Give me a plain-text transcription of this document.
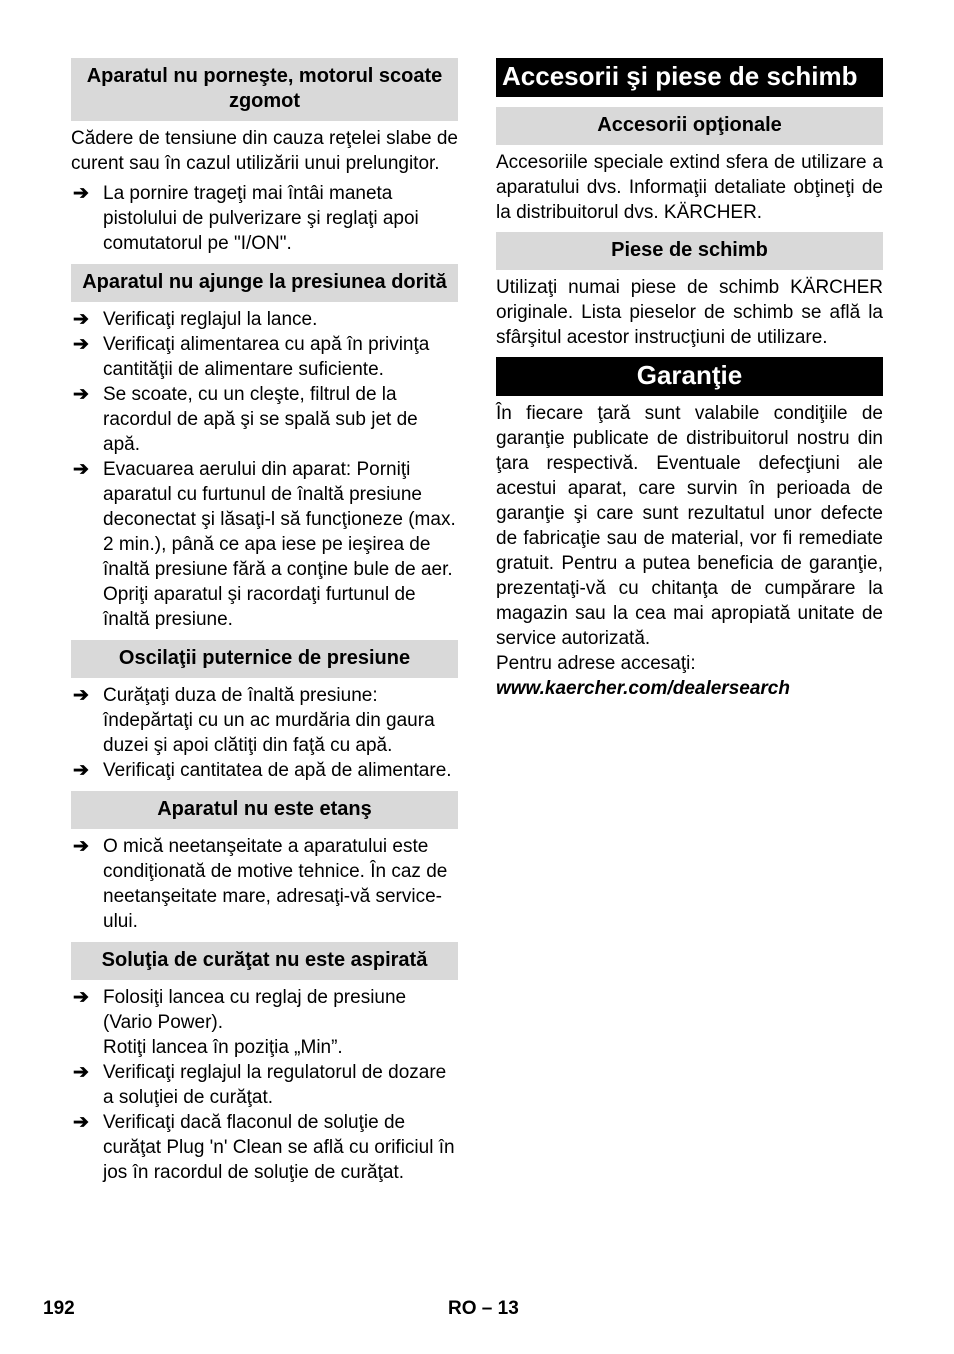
Aparatul nu porneşte, motorul scoate zgomot

Cădere de tensiune din cauza reţelei slabe de curent sau în cazul utilizării unui prelungitor.

➔ La pornire trageţi mai întâi maneta pistolului de pulverizare şi reglaţi apoi comutatorul pe "I/ON".
Aparatul nu ajunge la presiunea dorită
➔ Verificaţi reglajul la lance.
➔ Verificaţi alimentarea cu apă în privinţa cantităţii de alimentare suficiente.
➔ Se scoate, cu un cleşte, filtrul de la racordul de apă şi se spală sub jet de apă.
➔ Evacuarea aerului din aparat: Porniţi aparatul cu furtunul de înaltă presiune deconectat şi lăsaţi-l să funcţioneze (max. 2 min.), până ce apa iese pe ieşirea de înaltă presiune fără a conţine bule de aer. Opriţi aparatul şi racordaţi furtunul de înaltă presiune.
Oscilaţii puternice de presiune
➔ Curăţaţi duza de înaltă presiune: îndepărtaţi cu un ac murdăria din gaura duzei şi apoi clătiţi din faţă cu apă.
➔ Verificaţi cantitatea de apă de alimentare.
Aparatul nu este etanş
➔ O mică neetanşeitate a aparatului este condiţionată de motive tehnice. În caz de neetanşeitate mare, adresaţi-vă service-ului.
Soluţia de curăţat nu este aspirată
➔ Folosiţi lancea cu reglaj de presiune (Vario Power).
Rotiţi lancea în poziţia „Min”.
➔ Verificaţi reglajul la regulatorul de dozare a soluţiei de curăţat.
➔ Verificaţi dacă flaconul de soluţie de curăţat Plug 'n' Clean se află cu orificiul în jos în racordul de soluţie de curăţat.
Accesorii şi piese de schimb
Accesorii opţionale

Accesoriile speciale extind sfera de utilizare a aparatului dvs. Informaţii detaliate obţineţi de la distribuitorul dvs. KÄRCHER.

Piese de schimb

Utilizaţi numai piese de schimb KÄRCHER originale. Lista pieselor de schimb se află la sfârşitul acestor instrucţiuni de utilizare.

Garanţie

În fiecare ţară sunt valabile condiţiile de garanţie publicate de distribuitorul nostru din ţara respectivă. Eventuale defecţiuni ale acestui aparat, care survin în perioada de garanţie şi care sunt rezultatul unor defecte de fabricaţie sau de material, vor fi remediate gratuit. Pentru a putea beneficia de garanţie, prezentaţi-vă cu chitanţa de cumpărare la magazin sau la cea mai apropiată unitate de service autorizată.

Pentru adrese accesaţi:

www.kaercher.com/dealersearch

192	RO – 13
